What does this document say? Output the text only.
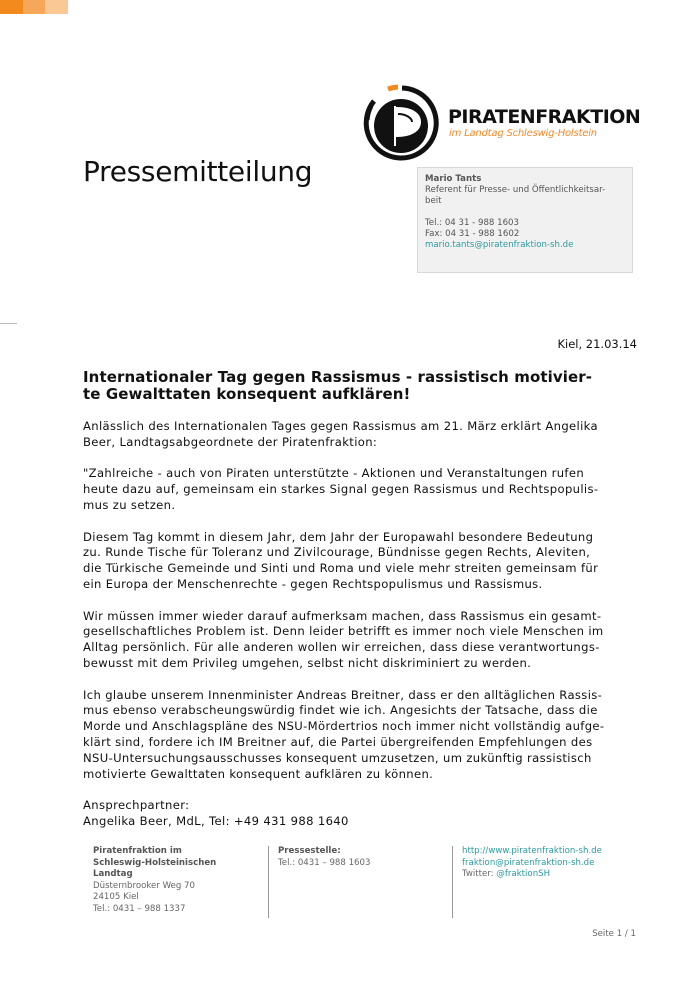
PIRATENFRAKTION
im Landtag Schleswig-Holstein
Pressemitteilung	Mario Tants
Referent für Presse- und Öffentlichkeitsar-
beit
Tel.: 04 31 - 988 1603
Fax: 04 31 - 988 1602
mario.tants@piratenfraktion-sh.de
Kiel, 21.03.14
Internationaler Tag gegen Rassismus - rassistisch motivier-
te Gewalttaten konsequent aufklären!

Anlässlich des Internationalen Tages gegen Rassismus am 21. März erklärt Angelika
Beer, Landtagsabgeordnete der Piratenfraktion:

"Zahlreiche - auch von Piraten unterstützte - Aktionen und Veranstaltungen rufen
heute dazu auf, gemeinsam ein starkes Signal gegen Rassismus und Rechtspopulis-
mus zu setzen.

Diesem Tag kommt in diesem Jahr, dem Jahr der Europawahl besondere Bedeutung
zu. Runde Tische für Toleranz und Zivilcourage, Bündnisse gegen Rechts, Aleviten,
die Türkische Gemeinde und Sinti und Roma und viele mehr streiten gemeinsam für
ein Europa der Menschenrechte - gegen Rechtspopulismus und Rassismus.

Wir müssen immer wieder darauf aufmerksam machen, dass Rassismus ein gesamt-
gesellschaftliches Problem ist. Denn leider betrifft es immer noch viele Menschen im
Alltag persönlich. Für alle anderen wollen wir erreichen, dass diese verantwortungs-
bewusst mit dem Privileg umgehen, selbst nicht diskriminiert zu werden.

Ich glaube unserem Innenminister Andreas Breitner, dass er den alltäglichen Rassis-
mus ebenso verabscheungswürdig findet wie ich. Angesichts der Tatsache, dass die
Morde und Anschlagspläne des NSU-Mördertrios noch immer nicht vollständig aufge-
klärt sind, fordere ich IM Breitner auf, die Partei übergreifenden Empfehlungen des
NSU-Untersuchungsausschusses konsequent umzusetzen, um zukünftig rassistisch
motivierte Gewalttaten konsequent aufklären zu können.

Ansprechpartner:
Angelika Beer, MdL, Tel: +49 431 988 1640

Piratenfraktion im
Schleswig-Holsteinischen
Landtag
Düsternbrooker Weg 70
24105 Kiel
Tel.: 0431 – 988 1337
Pressestelle:
Tel.: 0431 – 988 1603
http://www.piratenfraktion-sh.de
fraktion@piratenfraktion-sh.de
Twitter: @fraktionSH
Seite 1 / 1
